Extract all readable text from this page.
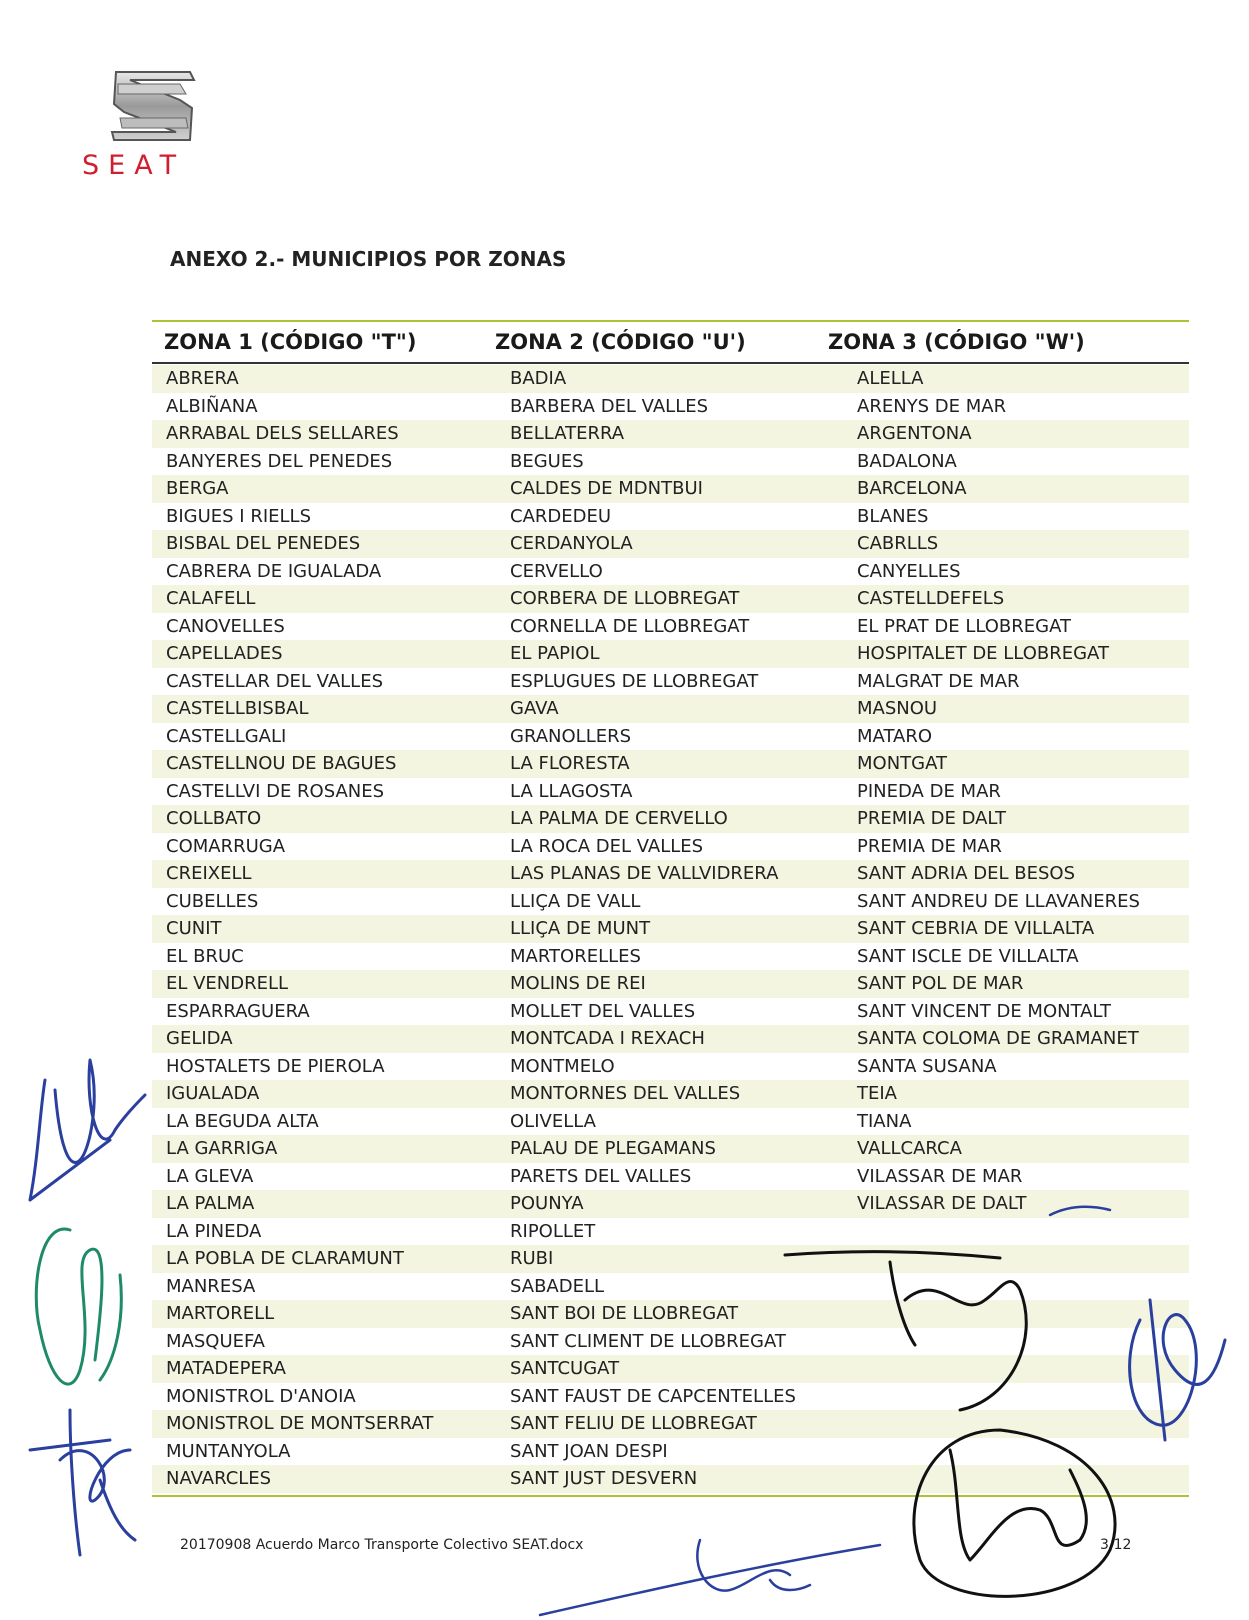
SEAT
ANEXO 2.- MUNICIPIOS POR ZONAS
ZONA 1 (CÓDIGO "T")	ZONA 2 (CÓDIGO "U')	ZONA 3 (CÓDIGO "W')
ABRERA	BADIA	ALELLA
ALBIÑANA	BARBERA DEL VALLES	ARENYS DE MAR
ARRABAL DELS SELLARES	BELLATERRA	ARGENTONA
BANYERES DEL PENEDES	BEGUES	BADALONA
BERGA	CALDES DE MDNTBUI	BARCELONA
BIGUES I RIELLS	CARDEDEU	BLANES
BISBAL DEL PENEDES	CERDANYOLA	CABRLLS
CABRERA DE IGUALADA	CERVELLO	CANYELLES
CALAFELL	CORBERA DE LLOBREGAT	CASTELLDEFELS
CANOVELLES	CORNELLA DE LLOBREGAT	EL PRAT DE LLOBREGAT
CAPELLADES	EL PAPIOL	HOSPITALET DE LLOBREGAT
CASTELLAR DEL VALLES	ESPLUGUES DE LLOBREGAT	MALGRAT DE MAR
CASTELLBISBAL	GAVA	MASNOU
CASTELLGALI	GRANOLLERS	MATARO
CASTELLNOU DE BAGUES	LA FLORESTA	MONTGAT
CASTELLVI DE ROSANES	LA LLAGOSTA	PINEDA DE MAR
COLLBATO	LA PALMA DE CERVELLO	PREMIA DE DALT
COMARRUGA	LA ROCA DEL VALLES	PREMIA DE MAR
CREIXELL	LAS PLANAS DE VALLVIDRERA	SANT ADRIA DEL BESOS
CUBELLES	LLIÇA DE VALL	SANT ANDREU DE LLAVANERES
CUNIT	LLIÇA DE MUNT	SANT CEBRIA DE VILLALTA
EL BRUC	MARTORELLES	SANT ISCLE DE VILLALTA
EL VENDRELL	MOLINS DE REI	SANT POL DE MAR
ESPARRAGUERA	MOLLET DEL VALLES	SANT VINCENT DE MONTALT
GELIDA	MONTCADA I REXACH	SANTA COLOMA DE GRAMANET
HOSTALETS DE PIEROLA	MONTMELO	SANTA SUSANA
IGUALADA	MONTORNES DEL VALLES	TEIA
LA BEGUDA ALTA	OLIVELLA	TIANA
LA GARRIGA	PALAU DE PLEGAMANS	VALLCARCA
LA GLEVA	PARETS DEL VALLES	VILASSAR DE MAR
LA PALMA	POUNYA	VILASSAR DE DALT
LA PINEDA	RIPOLLET
LA POBLA DE CLARAMUNT	RUBI
MANRESA	SABADELL
MARTORELL	SANT BOI DE LLOBREGAT
MASQUEFA	SANT CLIMENT DE LLOBREGAT
MATADEPERA	SANTCUGAT
MONISTROL D'ANOIA	SANT FAUST DE CAPCENTELLES
MONISTROL DE MONTSERRAT	SANT FELIU DE LLOBREGAT
MUNTANYOLA	SANT JOAN DESPI
NAVARCLES	SANT JUST DESVERN
20170908 Acuerdo Marco Transporte Colectivo SEAT.docx	3/12
